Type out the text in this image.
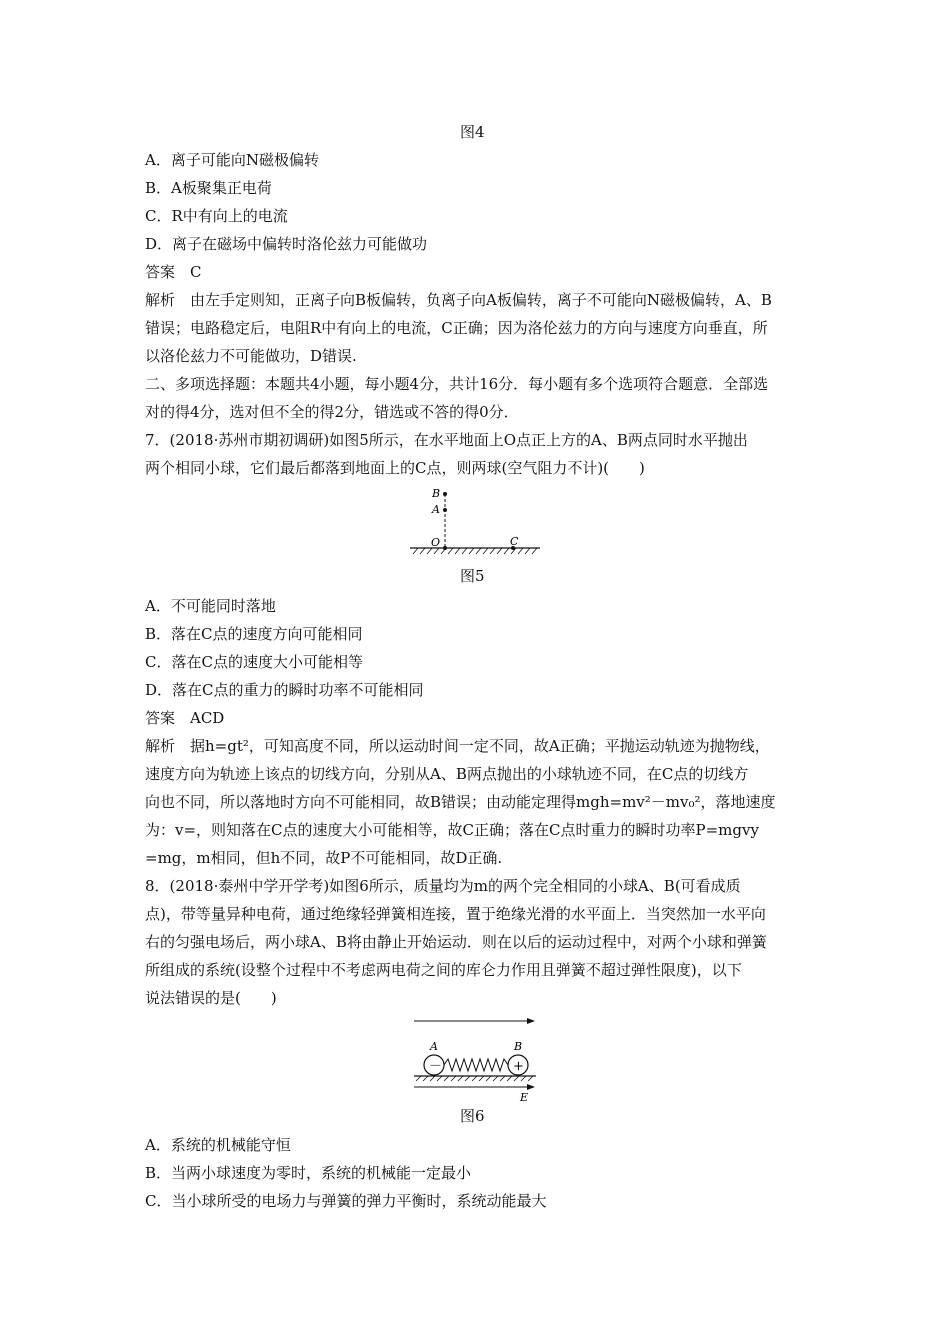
图4
A．离子可能向N磁极偏转
B．A板聚集正电荷
C．R中有向上的电流
D．离子在磁场中偏转时洛伦兹力可能做功
答案　C
解析　由左手定则知，正离子向B板偏转，负离子向A板偏转，离子不可能向N磁极偏转，A、B
错误；电路稳定后，电阻R中有向上的电流，C正确；因为洛伦兹力的方向与速度方向垂直，所
以洛伦兹力不可能做功，D错误.
二、多项选择题：本题共4小题，每小题4分，共计16分．每小题有多个选项符合题意．全部选
对的得4分，选对但不全的得2分，错选或不答的得0分．
7．(2018·苏州市期初调研)如图5所示，在水平地面上O点正上方的A、B两点同时水平抛出
两个相同小球，它们最后都落到地面上的C点，则两球(空气阻力不计)(　　)
B
A
O	C
图5
A．不可能同时落地
B．落在C点的速度方向可能相同
C．落在C点的速度大小可能相等
D．落在C点的重力的瞬时功率不可能相同
答案　ACD
解析　据h=gt²，可知高度不同，所以运动时间一定不同，故A正确；平抛运动轨迹为抛物线，
速度方向为轨迹上该点的切线方向，分别从A、B两点抛出的小球轨迹不同，在C点的切线方
向也不同，所以落地时方向不可能相同，故B错误；由动能定理得mgh=mv²－mv₀²，落地速度
为：v=，则知落在C点的速度大小可能相等，故C正确；落在C点时重力的瞬时功率P=mgvy
=mg，m相同，但h不同，故P不可能相同，故D正确.
8．(2018·泰州中学开学考)如图6所示，质量均为m的两个完全相同的小球A、B(可看成质
点)，带等量异种电荷，通过绝缘轻弹簧相连接，置于绝缘光滑的水平面上．当突然加一水平向
右的匀强电场后，两小球A、B将由静止开始运动．则在以后的运动过程中，对两个小球和弹簧
所组成的系统(设整个过程中不考虑两电荷之间的库仑力作用且弹簧不超过弹性限度)，以下
说法错误的是(　　)
－	+
A	B
E
图6
A．系统的机械能守恒
B．当两小球速度为零时，系统的机械能一定最小
C．当小球所受的电场力与弹簧的弹力平衡时，系统动能最大
